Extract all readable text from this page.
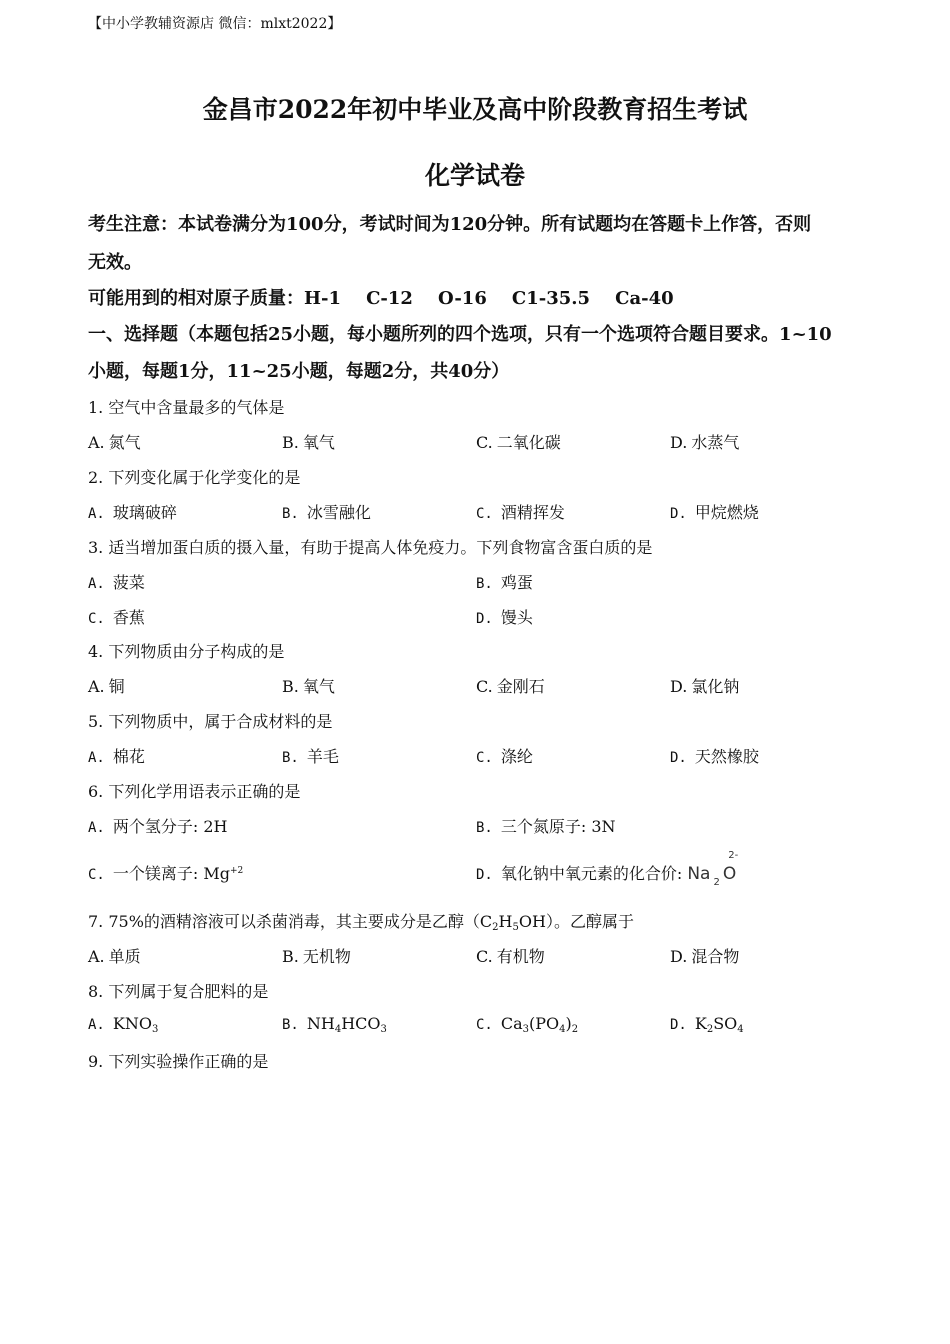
【中小学教辅资源店 微信：mlxt2022】
金昌市2022年初中毕业及高中阶段教育招生考试
化学试卷
考生注意：本试卷满分为100分，考试时间为120分钟。所有试题均在答题卡上作答，否则
无效。
可能用到的相对原子质量：H-1    C-12    O-16    C1-35.5    Ca-40
一、选择题（本题包括25小题，每小题所列的四个选项，只有一个选项符合题目要求。1~10
小题，每题1分，11~25小题，每题2分，共40分）
1. 空气中含量最多的气体是
A. 氮气	B. 氧气	C. 二氧化碳	D. 水蒸气
2. 下列变化属于化学变化的是
A. 玻璃破碎	B. 冰雪融化	C. 酒精挥发	D. 甲烷燃烧
3. 适当增加蛋白质的摄入量，有助于提高人体免疫力。下列食物富含蛋白质的是
A. 菠菜	B. 鸡蛋
C. 香蕉	D. 馒头
4. 下列物质由分子构成的是
A. 铜	B. 氧气	C. 金刚石	D. 氯化钠
5. 下列物质中，属于合成材料的是
A. 棉花	B. 羊毛	C. 涤纶	D. 天然橡胶
6. 下列化学用语表示正确的是
A. 两个氢分子: 2H	B. 三个氮原子: 3N
C. 一个镁离子: $Mg^{+2}$	D. 氧化钠中氧元素的化合价: Na $_2$ O
2-
7. 75%的酒精溶液可以杀菌消毒，其主要成分是乙醇$(C_2H_5OH)$。乙醇属于
A. 单质	B. 无机物	C. 有机物	D. 混合物
8. 下列属于复合肥料的是
A. $KNO_3$	B. $NH_4HCO_3$	C. $Ca_3(PO_4)_2$	D. $K_2SO_4$
9. 下列实验操作正确的是
